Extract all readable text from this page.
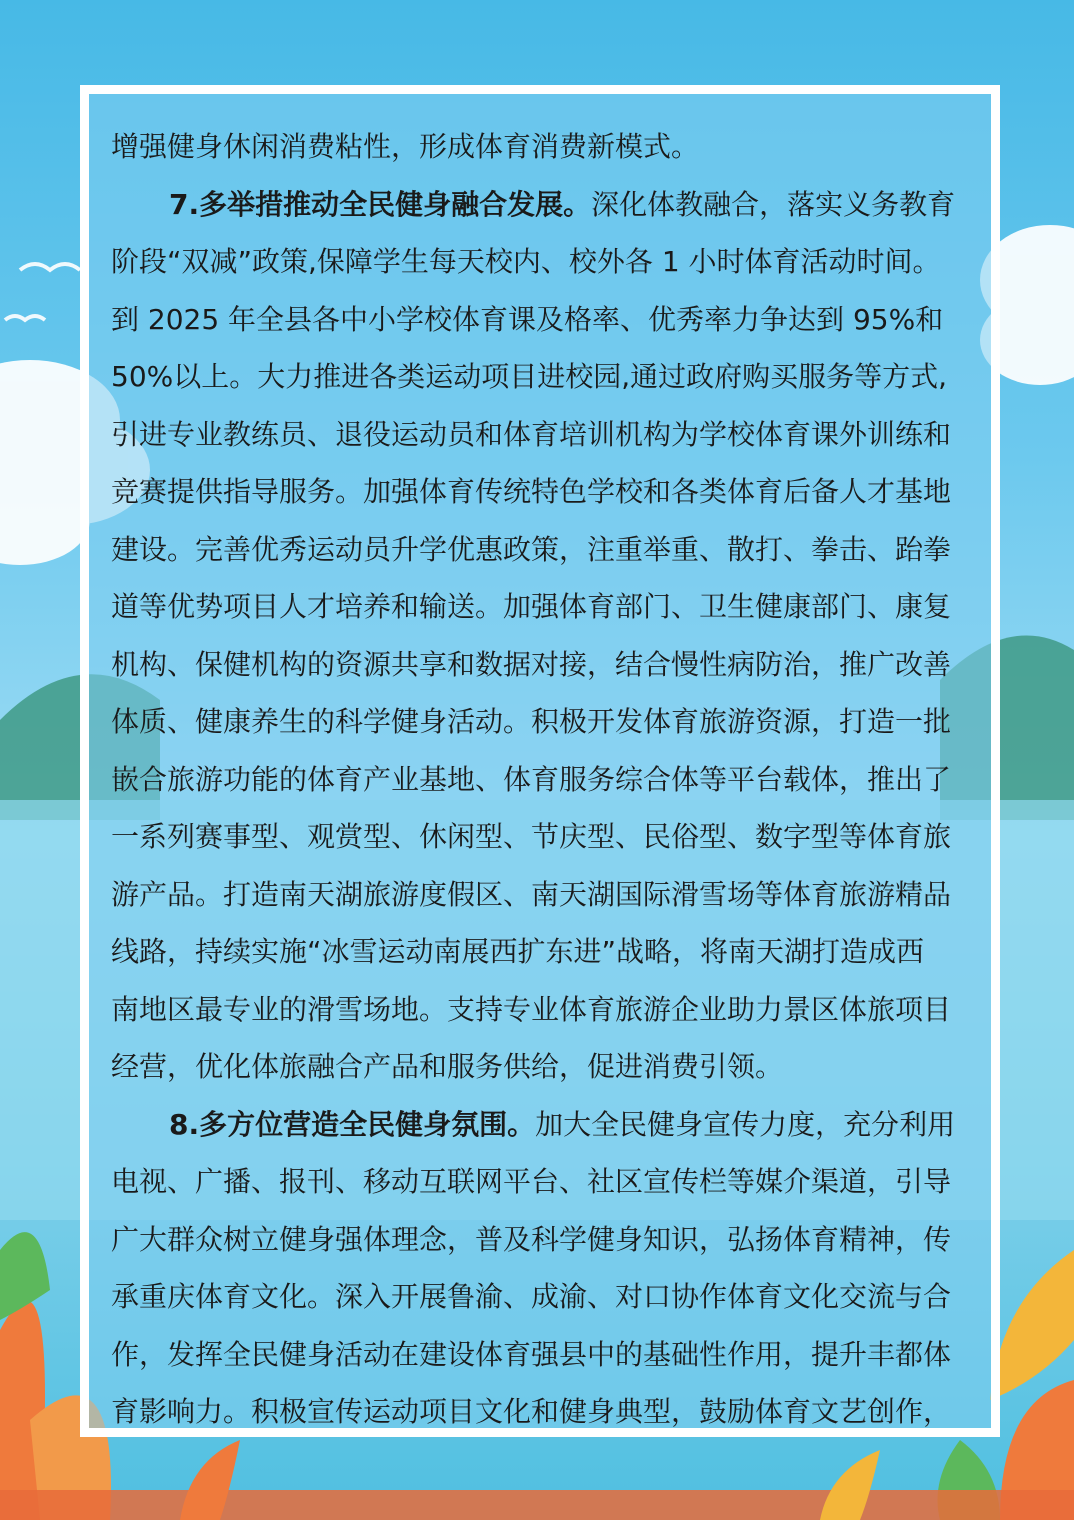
增强健身休闲消费粘性，形成体育消费新模式。
7.多举措推动全民健身融合发展。深化体教融合，落实义务教育
阶段“双减”政策,保障学生每天校内、校外各 1 小时体育活动时间。
到 2025 年全县各中小学校体育课及格率、优秀率力争达到 95%和
50%以上。大力推进各类运动项目进校园,通过政府购买服务等方式,
引进专业教练员、退役运动员和体育培训机构为学校体育课外训练和
竞赛提供指导服务。加强体育传统特色学校和各类体育后备人才基地
建设。完善优秀运动员升学优惠政策，注重举重、散打、拳击、跆拳
道等优势项目人才培养和输送。加强体育部门、卫生健康部门、康复
机构、保健机构的资源共享和数据对接，结合慢性病防治，推广改善
体质、健康养生的科学健身活动。积极开发体育旅游资源，打造一批
嵌合旅游功能的体育产业基地、体育服务综合体等平台载体，推出了
一系列赛事型、观赏型、休闲型、节庆型、民俗型、数字型等体育旅
游产品。打造南天湖旅游度假区、南天湖国际滑雪场等体育旅游精品
线路，持续实施“冰雪运动南展西扩东进”战略，将南天湖打造成西
南地区最专业的滑雪场地。支持专业体育旅游企业助力景区体旅项目
经营，优化体旅融合产品和服务供给，促进消费引领。
8.多方位营造全民健身氛围。加大全民健身宣传力度，充分利用
电视、广播、报刊、移动互联网平台、社区宣传栏等媒介渠道，引导
广大群众树立健身强体理念，普及科学健身知识，弘扬体育精神，传
承重庆体育文化。深入开展鲁渝、成渝、对口协作体育文化交流与合
作，发挥全民健身活动在建设体育强县中的基础性作用，提升丰都体
育影响力。积极宣传运动项目文化和健身典型，鼓励体育文艺创作，
